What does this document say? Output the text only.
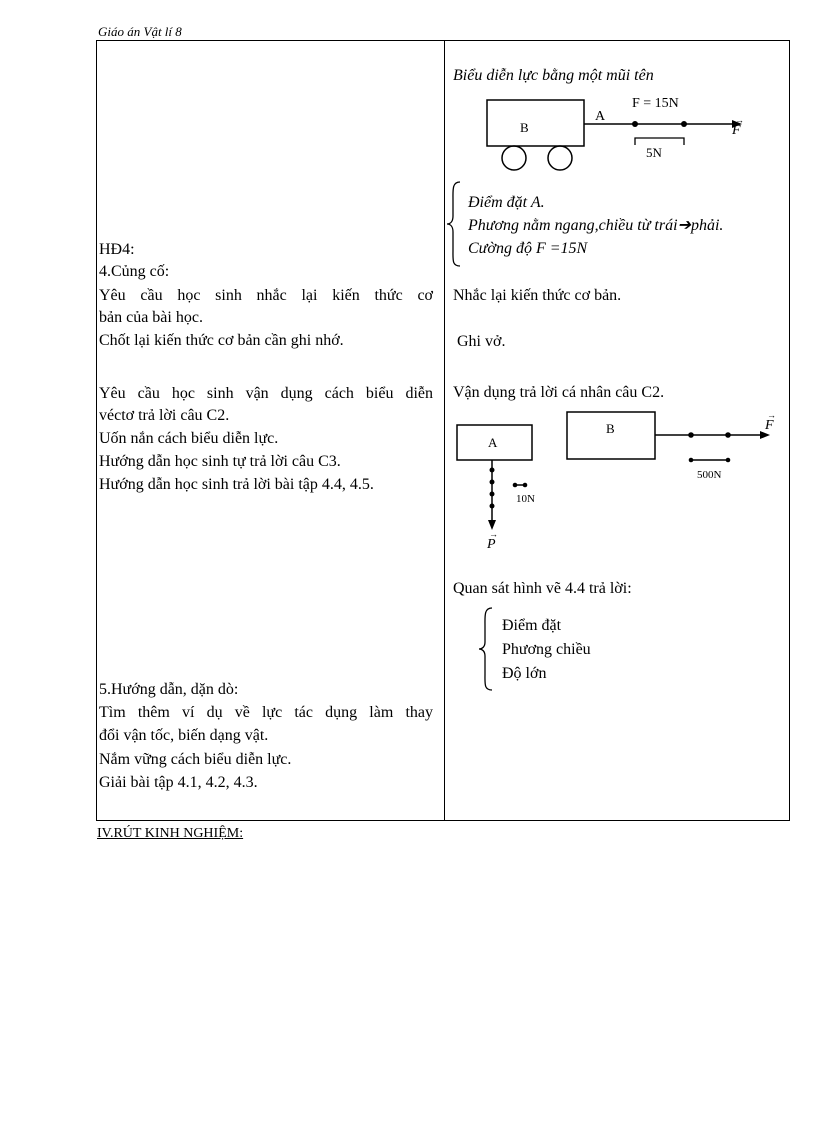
Giáo án Vật lí 8
HĐ4:
4.Củng cố:
Yêu cầu học sinh nhắc lại kiến thức cơ
bản của bài học.
Chốt lại kiến thức cơ bản cần ghi nhớ.
Yêu cầu học sinh vận dụng cách biểu diễn
véctơ trả lời câu C2.
Uốn nắn cách biểu diễn lực.
Hướng dẫn học sinh tự trả lời câu C3.
Hướng dẫn học sinh trả lời bài tập 4.4, 4.5.
5.Hướng dẫn, dặn dò:
Tìm thêm ví dụ về lực tác dụng làm thay
đổi vận tốc, biến dạng vật.
Nắm vững cách biểu diễn lực.
Giải bài tập 4.1, 4.2, 4.3.
Biểu diễn lực bằng một mũi tên
B
A
F = 15N
F
→
5N
Điểm đặt A.
Phương nằm ngang,chiều từ trái➔phải.
Cường độ F =15N
Nhắc lại kiến thức cơ bản.
Ghi vở.
Vận dụng trả lời cá nhân câu C2.
A
P
→
10N
B	F
→
500N
Quan sát hình vẽ 4.4 trả lời:
Điểm đặt
Phương chiều
Độ lớn
IV.RÚT KINH NGHIỆM:
